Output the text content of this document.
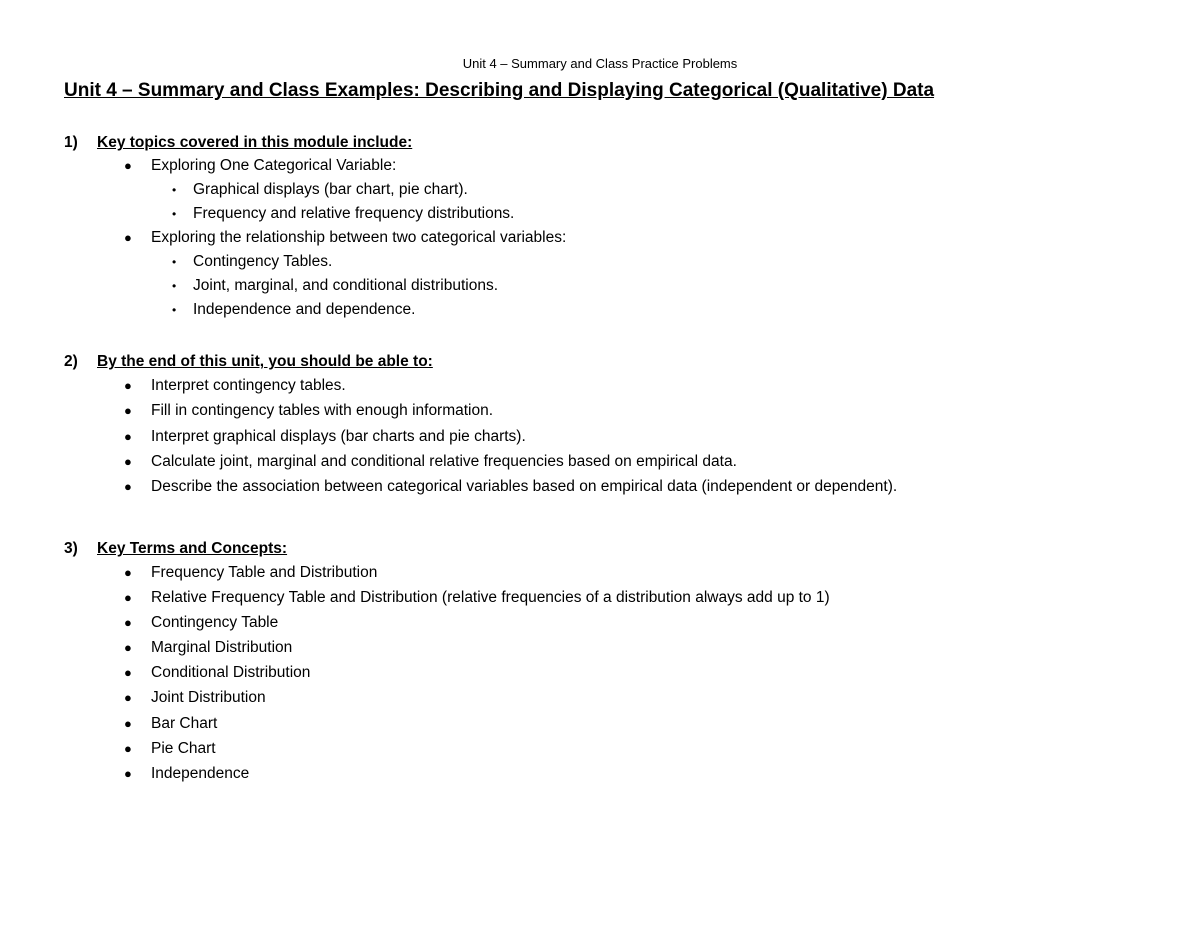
Unit 4 – Summary and Class Practice Problems
Unit 4 – Summary and Class Examples: Describing and Displaying Categorical (Qualitative) Data
1) Key topics covered in this module include:
● Exploring One Categorical Variable:
• Graphical displays (bar chart, pie chart).
• Frequency and relative frequency distributions.
● Exploring the relationship between two categorical variables:
• Contingency Tables.
• Joint, marginal, and conditional distributions.
• Independence and dependence.
2) By the end of this unit, you should be able to:
● Interpret contingency tables.
● Fill in contingency tables with enough information.
● Interpret graphical displays (bar charts and pie charts).
● Calculate joint, marginal and conditional relative frequencies based on empirical data.
● Describe the association between categorical variables based on empirical data (independent or dependent).
3) Key Terms and Concepts:
● Frequency Table and Distribution
● Relative Frequency Table and Distribution (relative frequencies of a distribution always add up to 1)
● Contingency Table
● Marginal Distribution
● Conditional Distribution
● Joint Distribution
● Bar Chart
● Pie Chart
● Independence
